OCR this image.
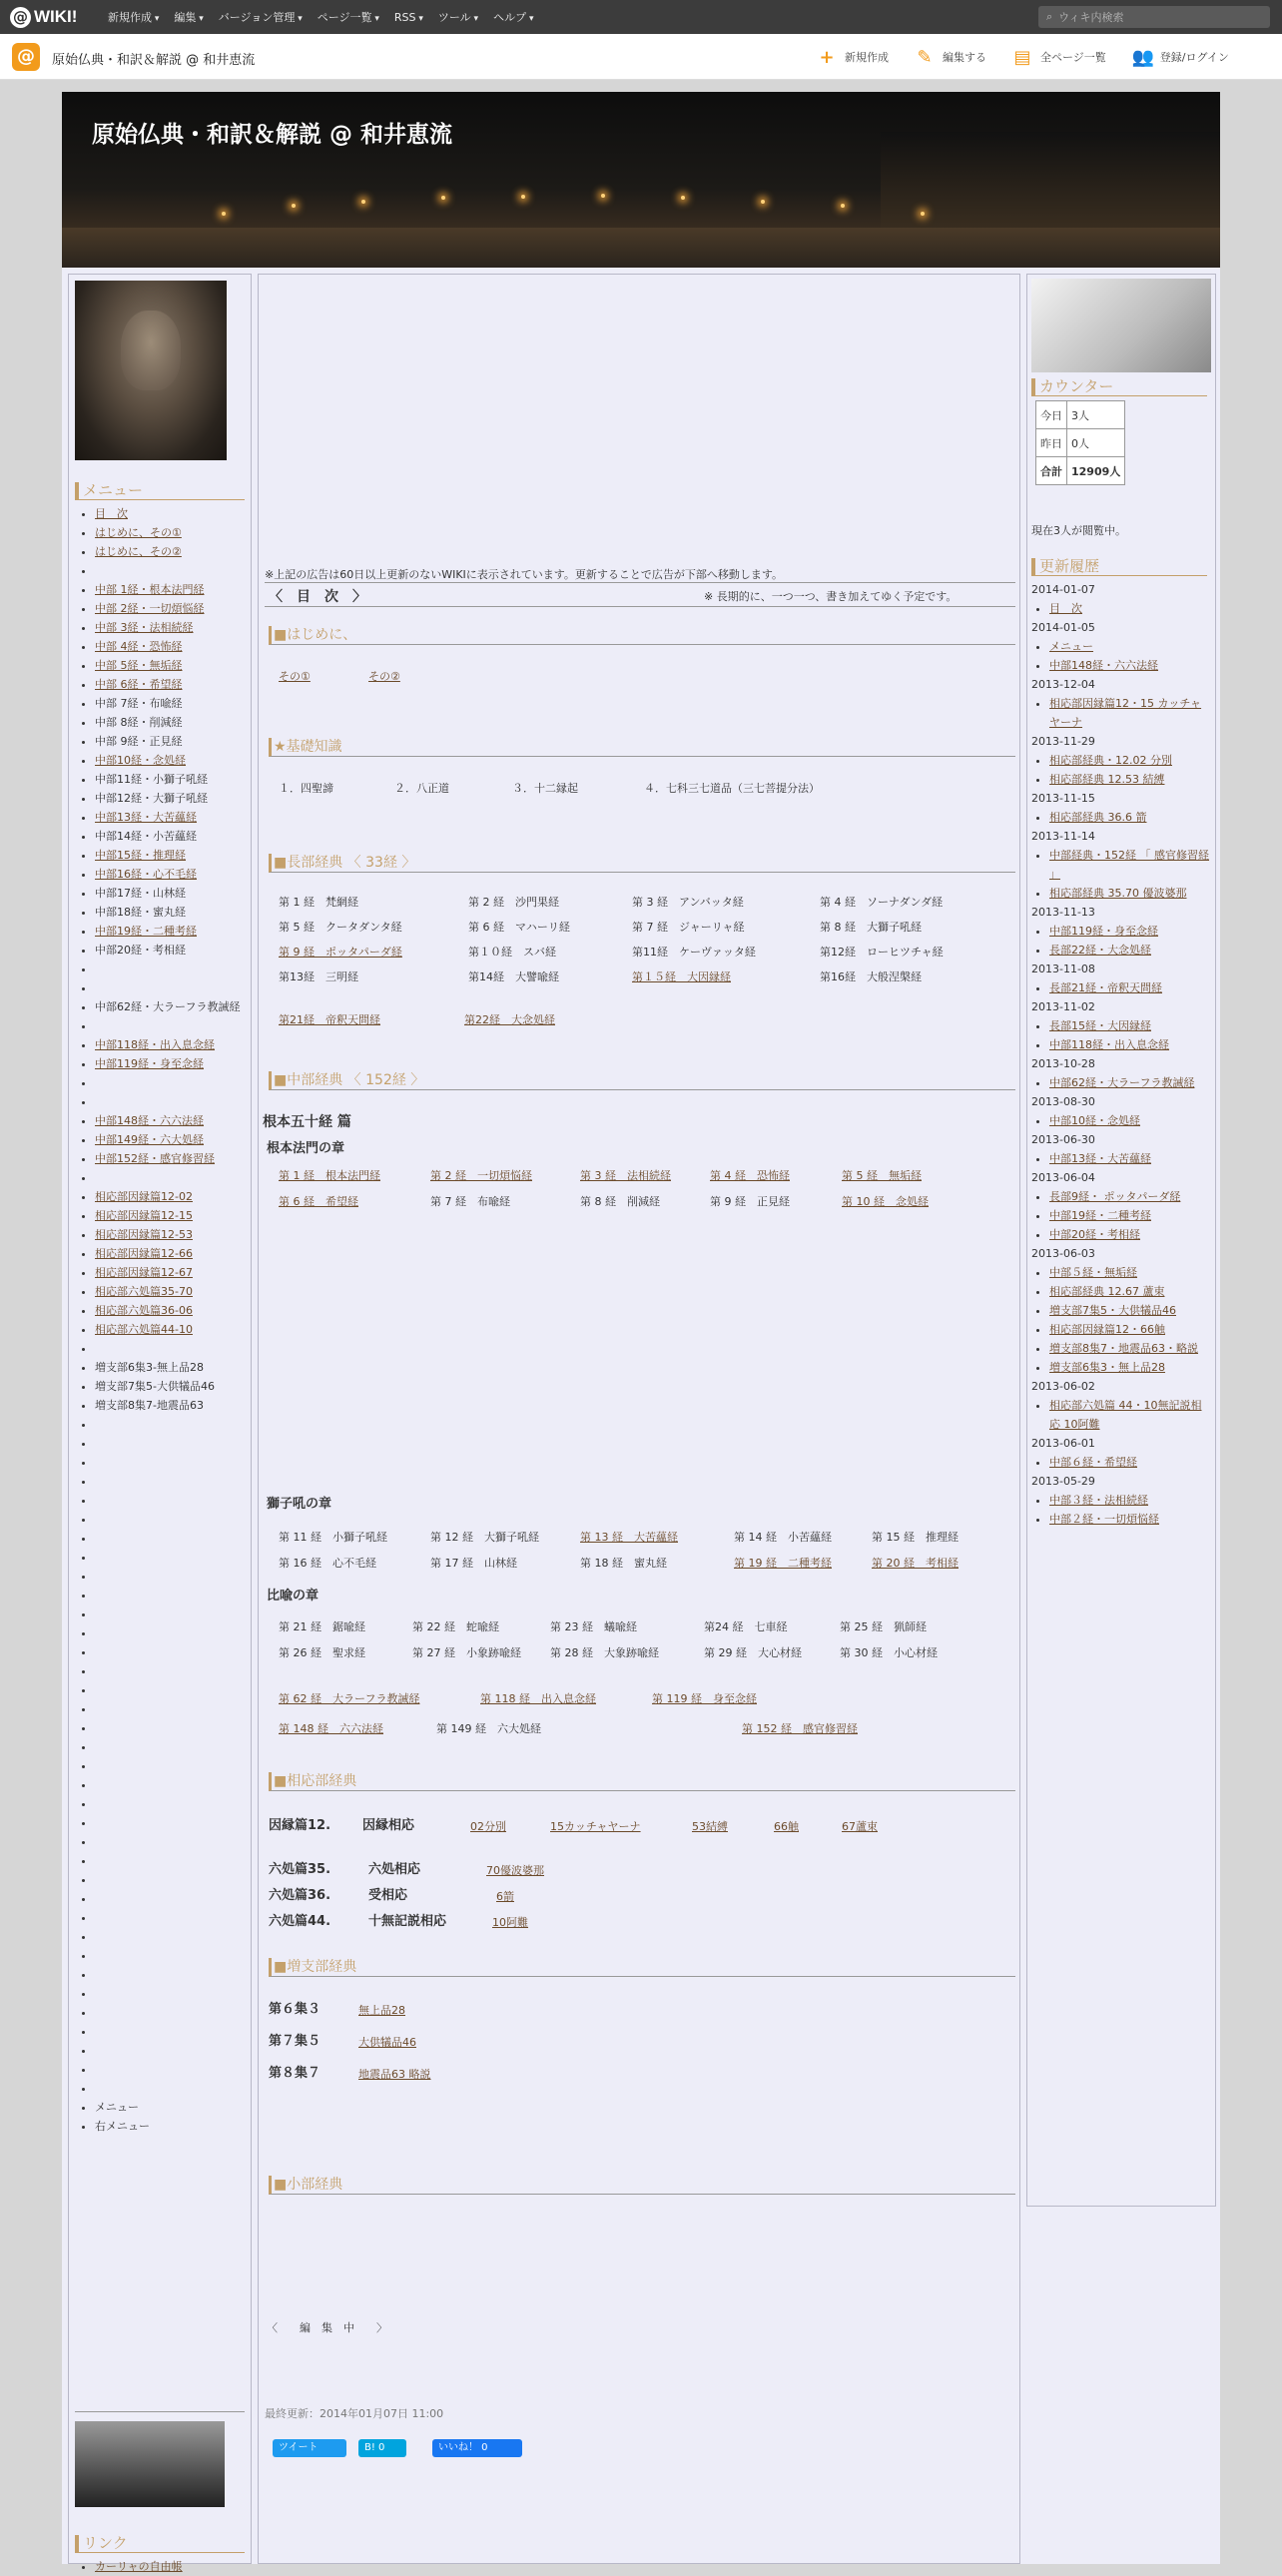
@ WIKI!	新規作成 ▾	編集 ▾	バージョン管理 ▾	ページ一覧 ▾	RSS ▾	ツール ▾	ヘルプ ▾	⌕ ウィキ内検索
@	原始仏典・和訳＆解説 @ 和井恵流	+ 新規作成 ✎ 編集する ▤ 全ページ一覧 👥 登録/ログイン
原始仏典・和訳＆解説 @ 和井恵流
メニュー
• 目　次
• はじめに、その①
• はじめに、その②
•
• 中部 1経・根本法門経
• 中部 2経・一切煩悩経
• 中部 3経・法相続経
• 中部 4経・恐怖経
• 中部 5経・無垢経
• 中部 6経・希望経
• 中部 7経・布喩経
• 中部 8経・削減経
• 中部 9経・正見経
• 中部10経・念処経
• 中部11経・小獅子吼経
• 中部12経・大獅子吼経
• 中部13経・大苦蘊経
• 中部14経・小苦蘊経
• 中部15経・推理経
• 中部16経・心不毛経
• 中部17経・山林経
• 中部18経・蜜丸経
• 中部19経・二種考経
• 中部20経・考相経
•
•
• 中部62経・大ラーフラ教誡経
•
• 中部118経・出入息念経
• 中部119経・身至念経
•
•
• 中部148経・六六法経
• 中部149経・六大処経
• 中部152経・感官修習経
•
• 相応部因縁篇12-02
• 相応部因縁篇12-15
• 相応部因縁篇12-53
• 相応部因縁篇12-66
• 相応部因縁篇12-67
• 相応部六処篇35-70
• 相応部六処篇36-06
• 相応部六処篇44-10
•
• 増支部6集3-無上品28
• 増支部7集5-大供犠品46
• 増支部8集7-地震品63
•
•
•
•
•
•
•
•
•
•
•
•
•
•
•
•
•
•
•
•
•
•
•
•
•
•
•
•
•
•
•
•
•
•
•
•
• メニュー
• 右メニュー
リンク
• カーリャの自由帳
※上記の広告は60日以上更新のないWIKIに表示されています。更新することで広告が下部へ移動します。
〈　目　次　〉	※ 長期的に、一つ一つ、書き加えてゆく予定です。
■はじめに、
その①	その②
★基礎知識
１．四聖諦	２．八正道	３．十二縁起	４．七科三七道品（三七菩提分法）
■長部経典 〈 33経 〉
第 1 経　梵網経	第 2 経　沙門果経	第 3 経　アンバッタ経	第 4 経　ソーナダンダ経
第 5 経　クータダンタ経	第 6 経　マハーリ経	第 7 経　ジャーリャ経	第 8 経　大獅子吼経
第 9 経　ポッタパーダ経	第１０経　スバ経	第11経　ケーヴァッタ経	第12経　ローヒツチャ経
第13経　三明経	第14経　大譬喩経	第１５経　大因縁経	第16経　大般涅槃経
第21経　帝釈天問経	第22経　大念処経
■中部経典 〈 152経 〉
根本五十経 篇
根本法門の章
第 1 経　根本法門経	第 2 経　一切煩悩経	第 3 経　法相続経	第 4 経　恐怖経	第 5 経　無垢経
第 6 経　希望経	第 7 経　布喩経	第 8 経　削減経	第 9 経　正見経	第 10 経　念処経
獅子吼の章
第 11 経　小獅子吼経	第 12 経　大獅子吼経	第 13 経　大苦蘊経	第 14 経　小苦蘊経	第 15 経　推理経
第 16 経　心不毛経	第 17 経　山林経	第 18 経　蜜丸経	第 19 経　二種考経	第 20 経　考相経
比喩の章
第 21 経　鋸喩経	第 22 経　蛇喩経	第 23 経　蟻喩経	第24 経　七車経	第 25 経　猟師経
第 26 経　聖求経	第 27 経　小象跡喩経	第 28 経　大象跡喩経	第 29 経　大心材経	第 30 経　小心材経
第 62 経　大ラーフラ教誡経	第 118 経　出入息念経	第 119 経　身至念経
第 148 経　六六法経	第 149 経　六大処経	第 152 経　感官修習経
■相応部経典
因縁篇12. 因縁相応	02分別	15カッチャヤーナ	53結縛	66触	67蘆束
六処篇35.	六処相応	70優波婆那
六処篇36.	受相応	6箭
六処篇44.	十無記説相応	10阿難
■増支部経典
第６集３	無上品28
第７集５	大供犠品46
第８集７	地震品63 略説
■小部経典
〈　　編　集　中　　〉
最終更新：2014年01月07日 11:00
ツイート	B! 0	いいね！ 0
カウンター
今日	3人
昨日	0人
合計	12909人
現在3人が閲覧中。
更新履歴
2014-01-07
• 目　次
2014-01-05
• メニュー
• 中部148経・六六法経
2013-12-04
• 相応部因縁篇12・15 カッチャヤーナ
2013-11-29
• 相応部経典・12.02 分別
• 相応部経典 12.53 結縛
2013-11-15
• 相応部経典 36.6 箭
2013-11-14
• 中部経典・152経 「 感官修習経 」
• 相応部経典 35.70 優波婆那
2013-11-13
• 中部119経・身至念経
• 長部22経・大念処経
2013-11-08
• 長部21経・帝釈天問経
2013-11-02
• 長部15経・大因縁経
• 中部118経・出入息念経
2013-10-28
• 中部62経・大ラーフラ教誡経
2013-08-30
• 中部10経・念処経
2013-06-30
• 中部13経・大苦蘊経
2013-06-04
• 長部9経・ ポッタパーダ経
• 中部19経・二種考経
• 中部20経・考相経
2013-06-03
• 中部５経・無垢経
• 相応部経典 12.67 蘆束
• 増支部7集5・大供犠品46
• 相応部因縁篇12・66触
• 増支部8集7・地震品63・略説
• 増支部6集3・無上品28
2013-06-02
• 相応部六処篇 44・10無記説相応 10阿難
2013-06-01
• 中部６経・希望経
2013-05-29
• 中部３経・法相続経
• 中部２経・一切煩悩経
